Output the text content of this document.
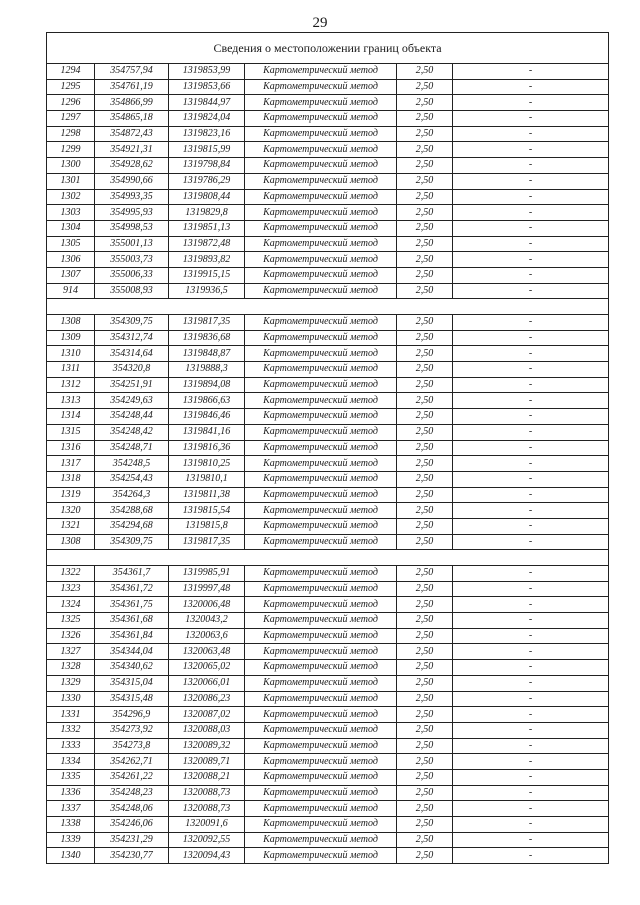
29
Сведения о местоположении границ объекта					
1294	354757,94	1319853,99	Картометрический метод	2,50	-
1295	354761,19	1319853,66	Картометрический метод	2,50	-
1296	354866,99	1319844,97	Картометрический метод	2,50	-
1297	354865,18	1319824,04	Картометрический метод	2,50	-
1298	354872,43	1319823,16	Картометрический метод	2,50	-
1299	354921,31	1319815,99	Картометрический метод	2,50	-
1300	354928,62	1319798,84	Картометрический метод	2,50	-
1301	354990,66	1319786,29	Картометрический метод	2,50	-
1302	354993,35	1319808,44	Картометрический метод	2,50	-
1303	354995,93	1319829,8	Картометрический метод	2,50	-
1304	354998,53	1319851,13	Картометрический метод	2,50	-
1305	355001,13	1319872,48	Картометрический метод	2,50	-
1306	355003,73	1319893,82	Картометрический метод	2,50	-
1307	355006,33	1319915,15	Картометрический метод	2,50	-
914	355008,93	1319936,5	Картометрический метод	2,50	-

1308	354309,75	1319817,35	Картометрический метод	2,50	-
1309	354312,74	1319836,68	Картометрический метод	2,50	-
1310	354314,64	1319848,87	Картометрический метод	2,50	-
1311	354320,8	1319888,3	Картометрический метод	2,50	-
1312	354251,91	1319894,08	Картометрический метод	2,50	-
1313	354249,63	1319866,63	Картометрический метод	2,50	-
1314	354248,44	1319846,46	Картометрический метод	2,50	-
1315	354248,42	1319841,16	Картометрический метод	2,50	-
1316	354248,71	1319816,36	Картометрический метод	2,50	-
1317	354248,5	1319810,25	Картометрический метод	2,50	-
1318	354254,43	1319810,1	Картометрический метод	2,50	-
1319	354264,3	1319811,38	Картометрический метод	2,50	-
1320	354288,68	1319815,54	Картометрический метод	2,50	-
1321	354294,68	1319815,8	Картометрический метод	2,50	-
1308	354309,75	1319817,35	Картометрический метод	2,50	-

1322	354361,7	1319985,91	Картометрический метод	2,50	-
1323	354361,72	1319997,48	Картометрический метод	2,50	-
1324	354361,75	1320006,48	Картометрический метод	2,50	-
1325	354361,68	1320043,2	Картометрический метод	2,50	-
1326	354361,84	1320063,6	Картометрический метод	2,50	-
1327	354344,04	1320063,48	Картометрический метод	2,50	-
1328	354340,62	1320065,02	Картометрический метод	2,50	-
1329	354315,04	1320066,01	Картометрический метод	2,50	-
1330	354315,48	1320086,23	Картометрический метод	2,50	-
1331	354296,9	1320087,02	Картометрический метод	2,50	-
1332	354273,92	1320088,03	Картометрический метод	2,50	-
1333	354273,8	1320089,32	Картометрический метод	2,50	-
1334	354262,71	1320089,71	Картометрический метод	2,50	-
1335	354261,22	1320088,21	Картометрический метод	2,50	-
1336	354248,23	1320088,73	Картометрический метод	2,50	-
1337	354248,06	1320088,73	Картометрический метод	2,50	-
1338	354246,06	1320091,6	Картометрический метод	2,50	-
1339	354231,29	1320092,55	Картометрический метод	2,50	-
1340	354230,77	1320094,43	Картометрический метод	2,50	-
